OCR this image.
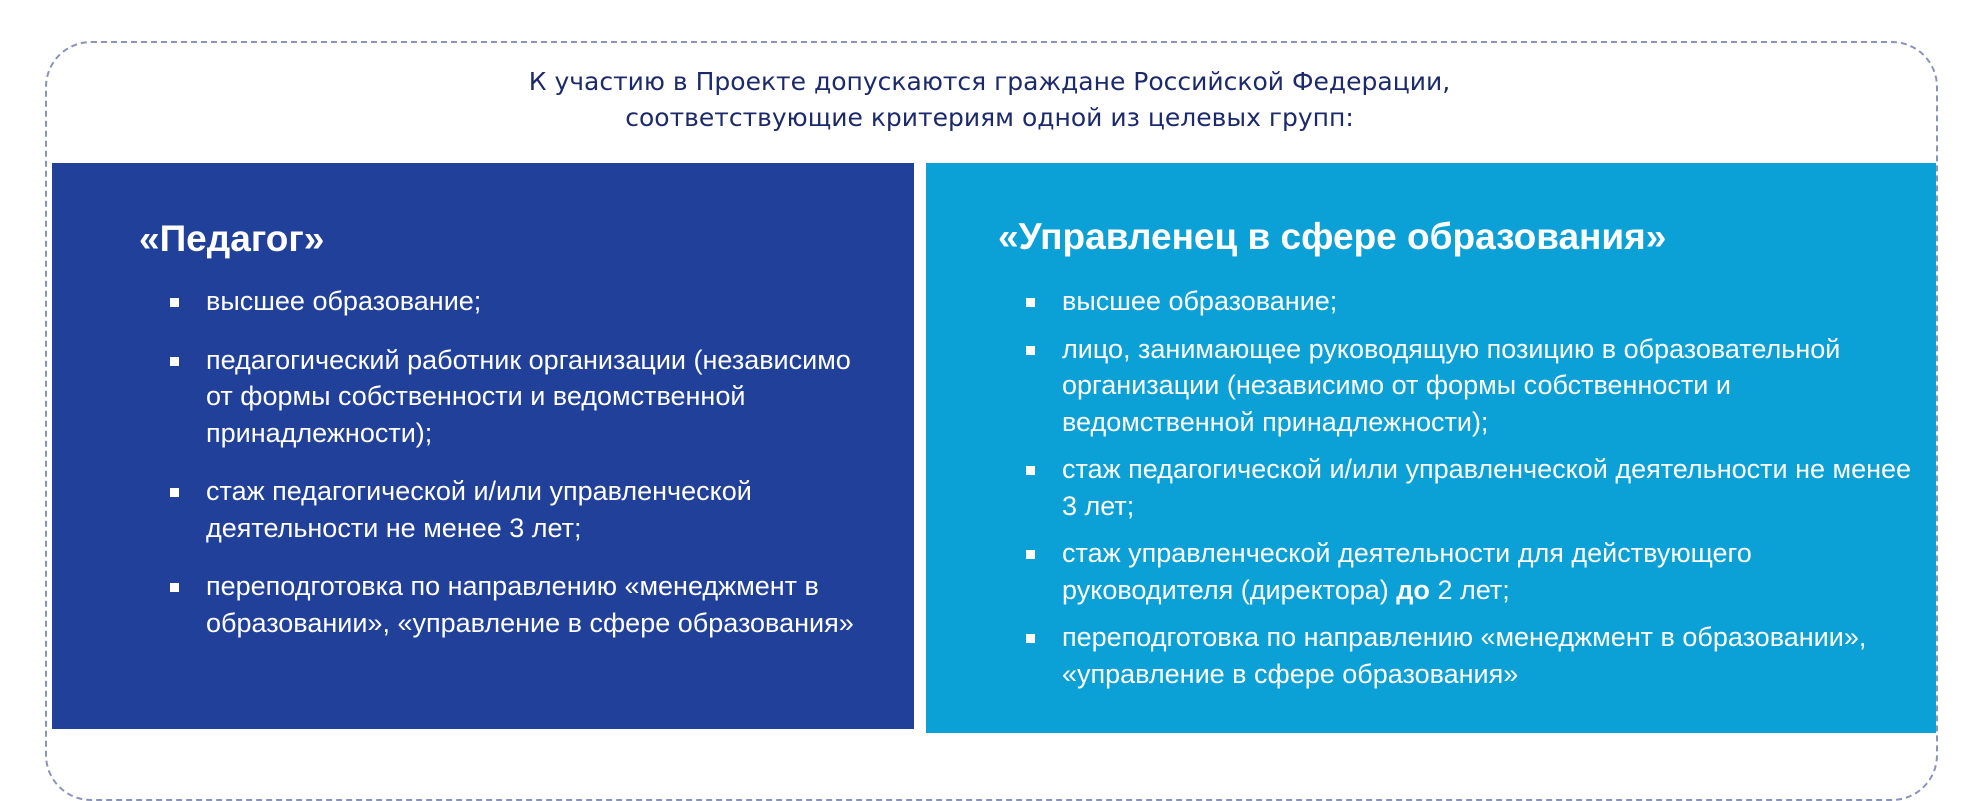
К участию в Проекте допускаются граждане Российской Федерации,
соответствующие критериям одной из целевых групп:
«Педагог»
высшее образование;
педагогический работник организации (независимо от формы собственности и ведомственной принадлежности);
стаж педагогической и/или управленческой деятельности не менее 3 лет;
переподготовка по направлению «менеджмент в образовании», «управление в сфере образования»
«Управленец в сфере образования»
высшее образование;
лицо, занимающее руководящую позицию в образовательной организации (независимо от формы собственности и ведомственной принадлежности);
стаж педагогической и/или управленческой деятельности не менее 3 лет;
стаж управленческой деятельности для действующего руководителя (директора) до 2 лет;
переподготовка по направлению «менеджмент в образовании», «управление в сфере образования»
